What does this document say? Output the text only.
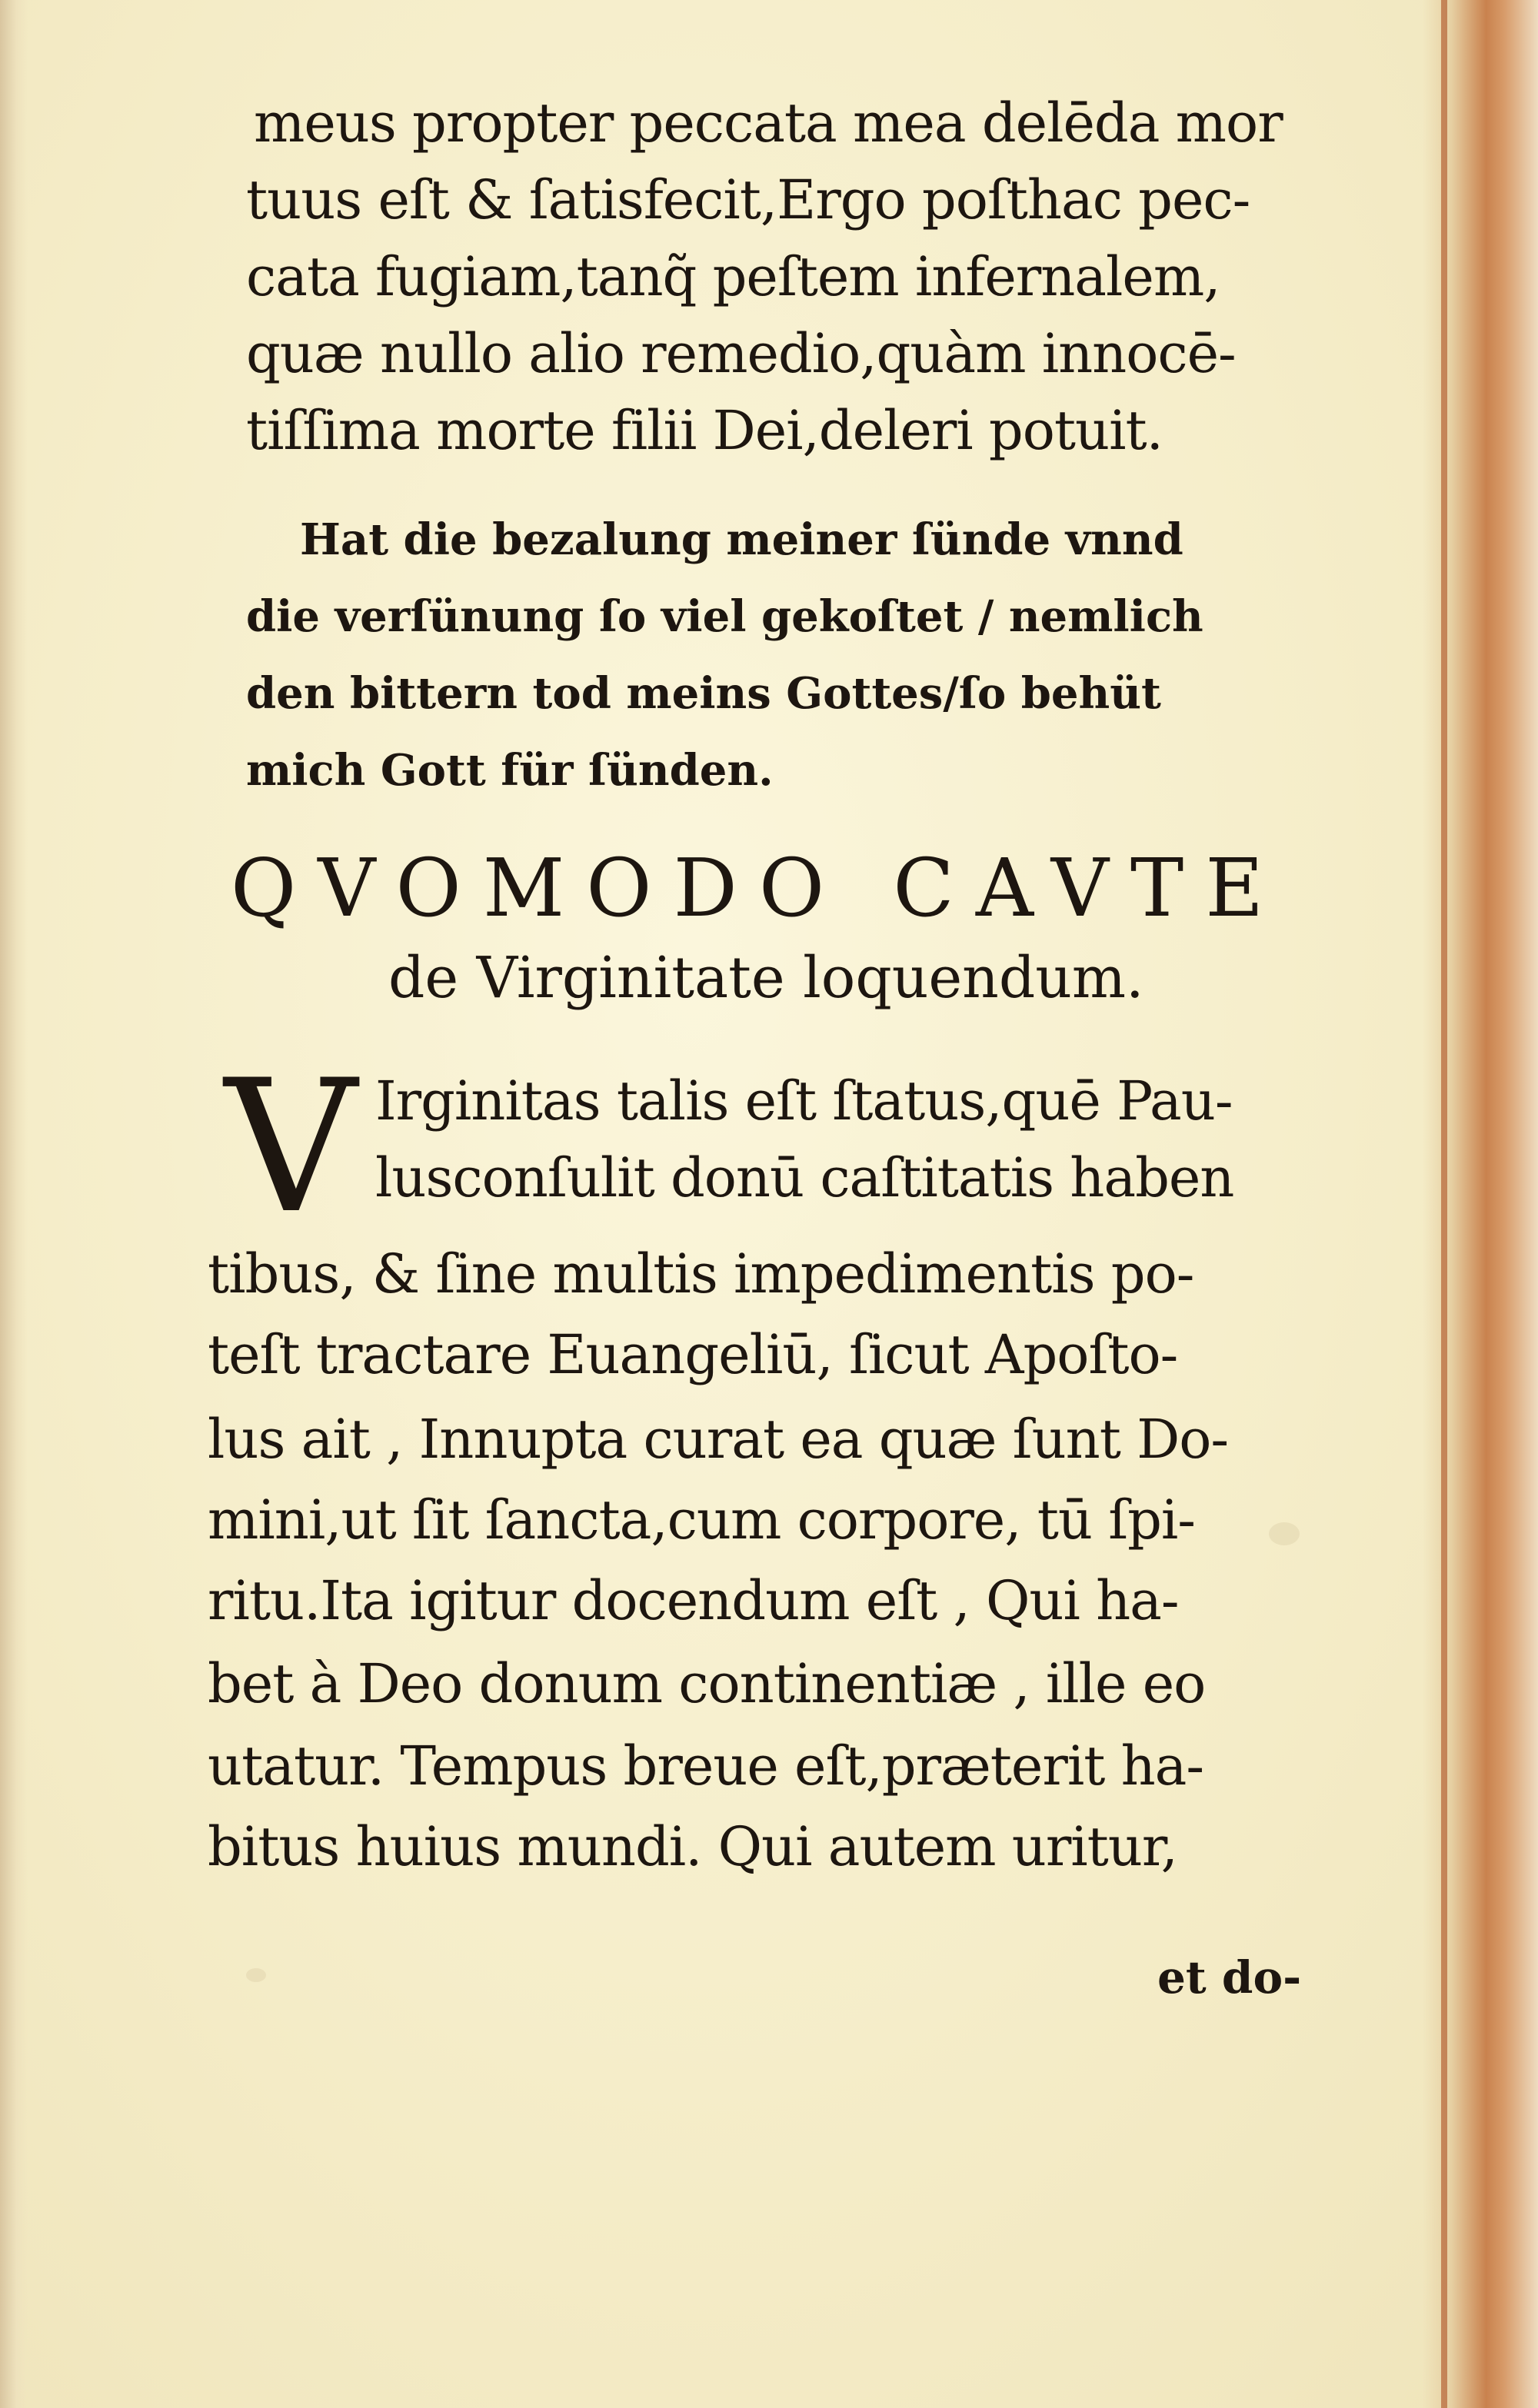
meus propter peccata mea delēda mor
tuus eſt & ſatisfecit,Ergo poſthac pec-
cata fugiam,tanq̃ peſtem infernalem,
quæ nullo alio remedio,quàm innocē-
tiſſima morte filii Dei,deleri potuit.
Hat die bezalung meiner ſünde vnnd
die verſünung ſo viel gekoſtet / nemlich
den bittern tod meins Gottes/ſo behüt
mich Gott für ſünden.
QVOMODO CAVTE
de Virginitate loquendum.
V Irginitas talis eſt ſtatus,quē Pau-
lusconſulit donū caſtitatis haben
tibus, & ſine multis impedimentis po-
teſt tractare Euangeliū, ſicut Apoſto-
lus ait , Innupta curat ea quæ ſunt Do-
mini,ut ſit ſancta,cum corpore, tū ſpi-
ritu.Ita igitur docendum eſt , Qui ha-
bet à Deo donum continentiæ , ille eo
utatur. Tempus breue eſt,præterit ha-
bitus huius mundi. Qui autem uritur,
et do-
